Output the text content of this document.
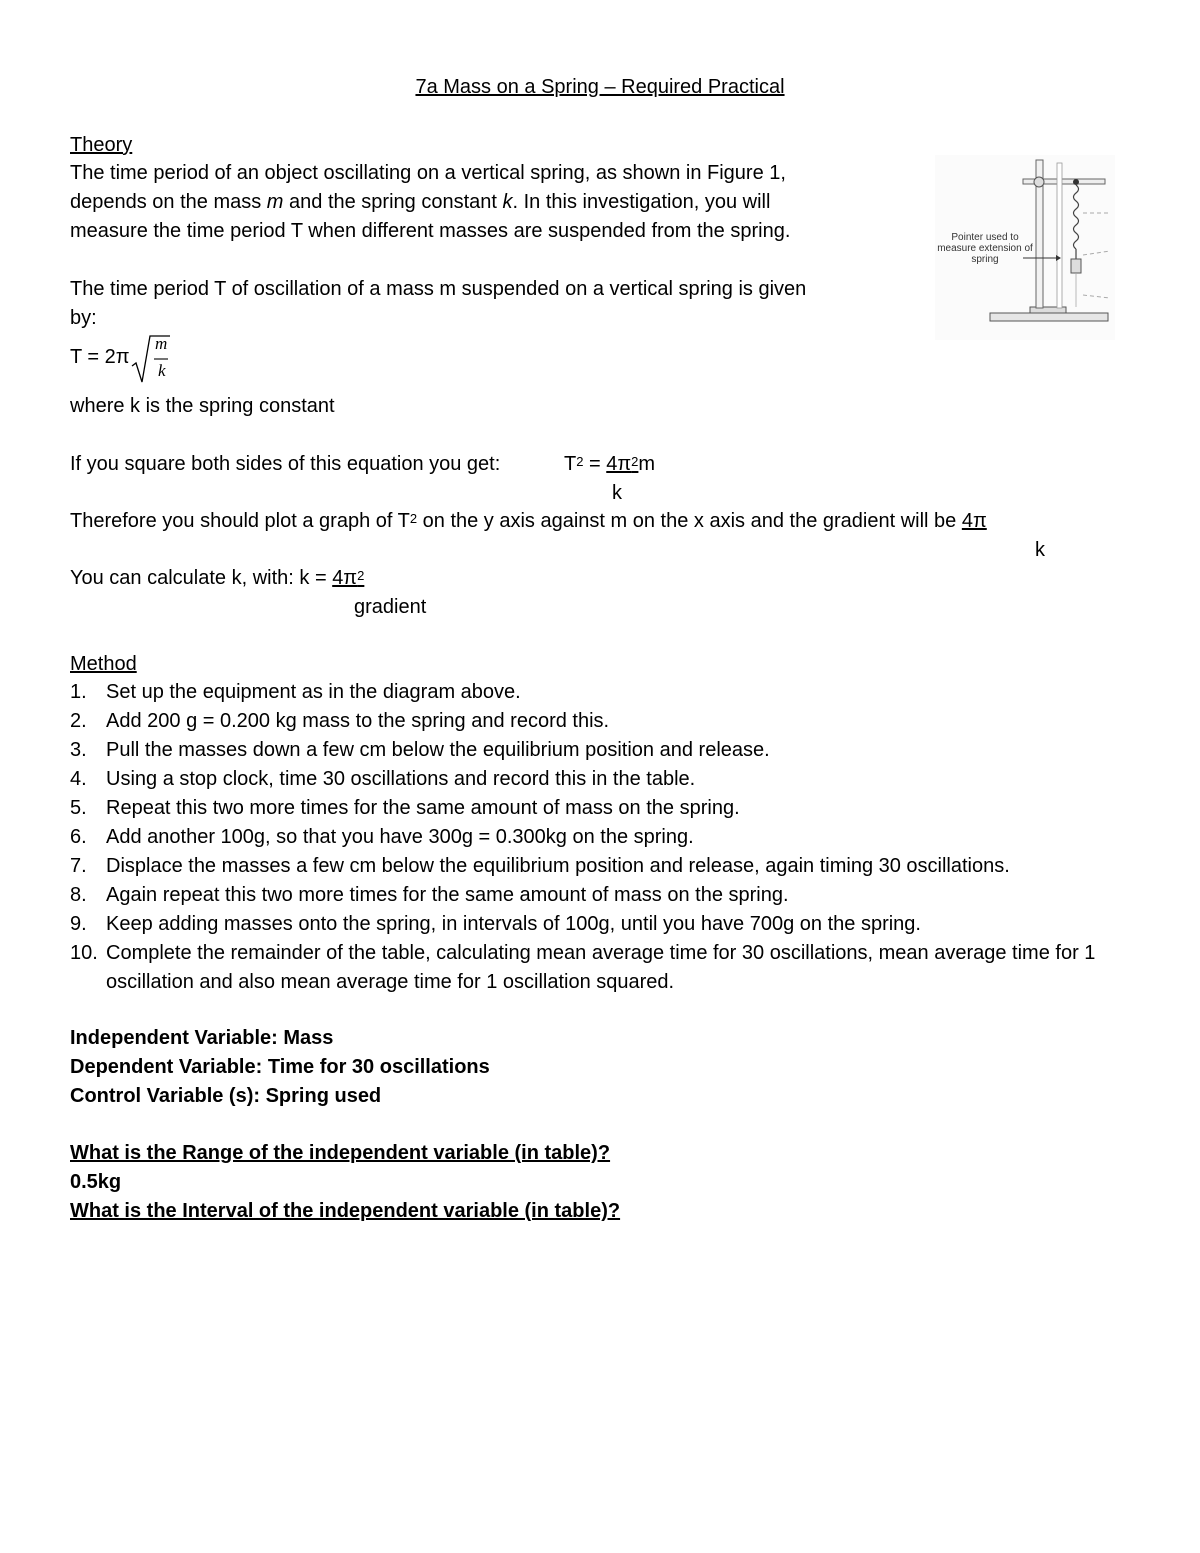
7a Mass on a Spring – Required Practical
Theory
The time period of an object oscillating on a vertical spring, as shown in Figure 1,
depends on the mass m and the spring constant k. In this investigation, you will
measure the time period T when different masses are suspended from the spring.
The time period T of oscillation of a mass m suspended on a vertical spring is given
by:
T = 2π
m
k
where k is the spring constant
If you square both sides of this equation you get:	$T^2 = 4\pi^2m$
k
Therefore you should plot a graph of $T^2$ on the y axis against m on the x axis and the gradient will be 4π
k
You can calculate k, with: $k = 4\pi^2$
gradient
Pointer used to measure extension of spring
Method
1. Set up the equipment as in the diagram above.
2. Add 200 g = 0.200 kg mass to the spring and record this.
3. Pull the masses down a few cm below the equilibrium position and release.
4. Using a stop clock, time 30 oscillations and record this in the table.
5. Repeat this two more times for the same amount of mass on the spring.
6. Add another 100g, so that you have 300g = 0.300kg on the spring.
7. Displace the masses a few cm below the equilibrium position and release, again timing 30 oscillations.
8. Again repeat this two more times for the same amount of mass on the spring.
9. Keep adding masses onto the spring, in intervals of 100g, until you have 700g on the spring.
10. Complete the remainder of the table, calculating mean average time for 30 oscillations, mean average time for 1 oscillation and also mean average time for 1 oscillation squared.
Independent Variable: Mass
Dependent Variable: Time for 30 oscillations
Control Variable (s): Spring used
What is the Range of the independent variable (in table)?
0.5kg
What is the Interval of the independent variable (in table)?
